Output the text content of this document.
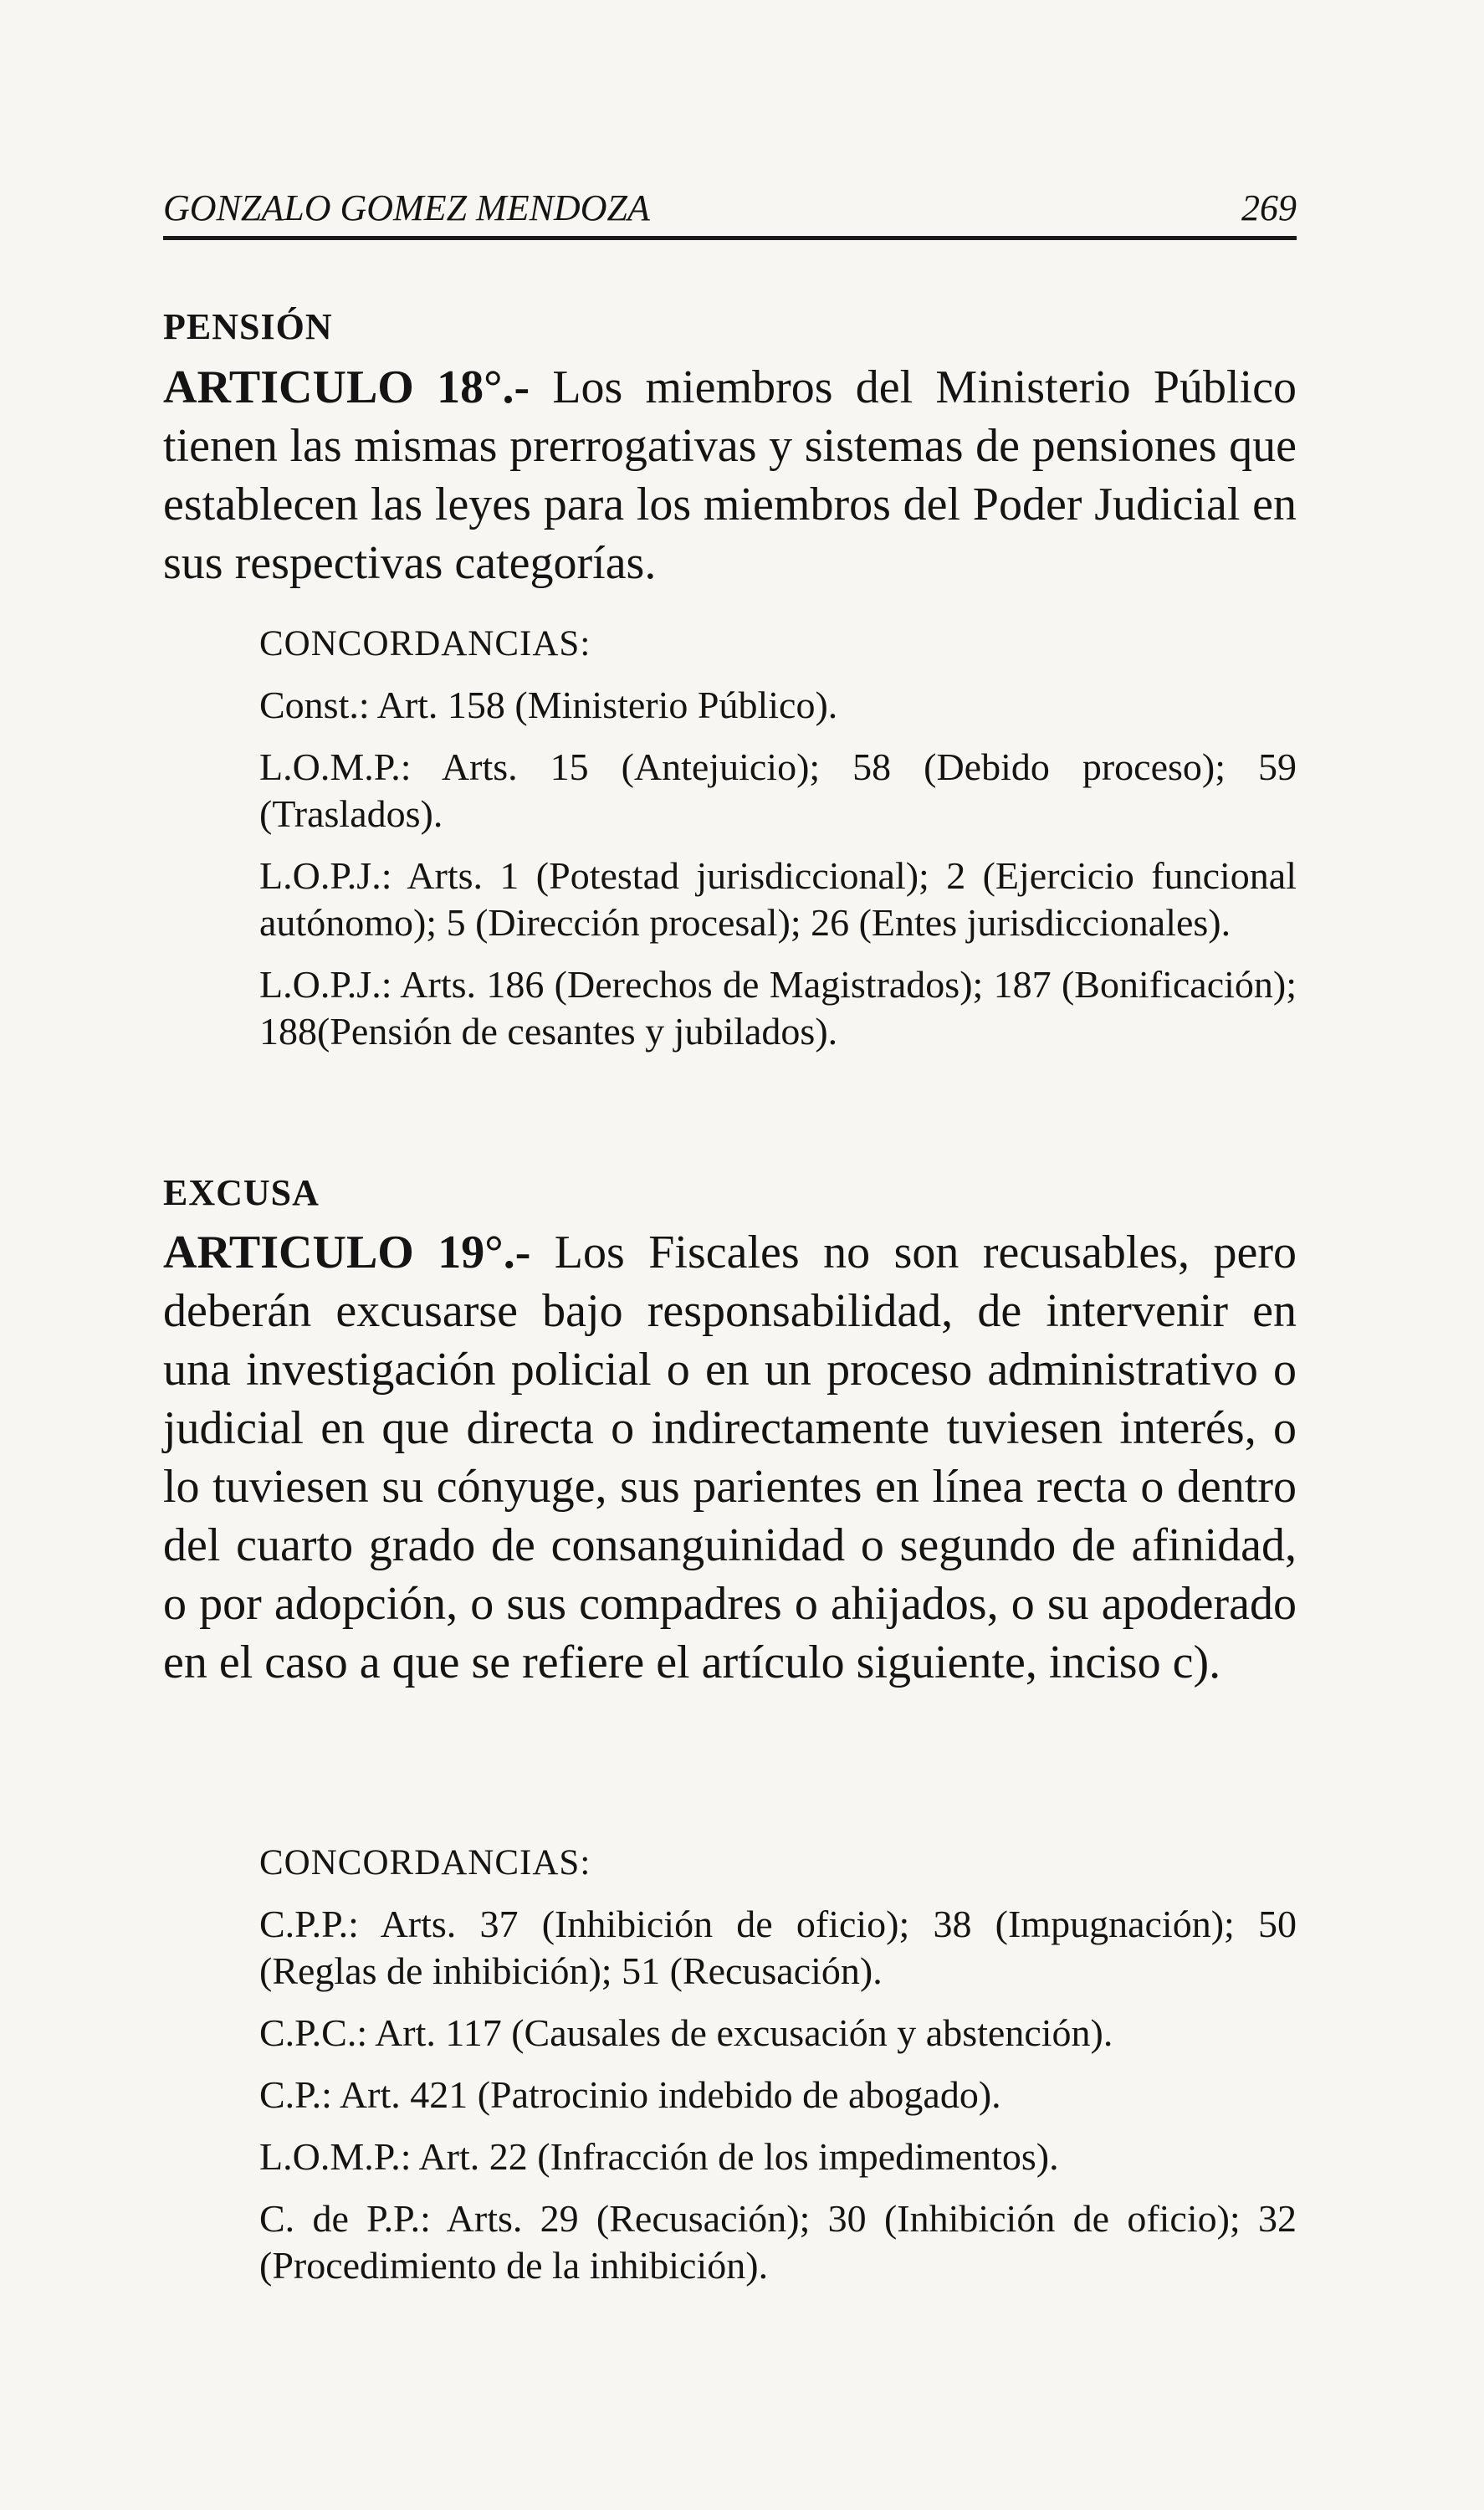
GONZALO GOMEZ MENDOZA	269
PENSIÓN
ARTICULO 18°.- Los miembros del Ministerio Público tienen las mismas prerrogativas y sistemas de pensiones que establecen las leyes para los miembros del Poder Judicial en sus respectivas categorías.
CONCORDANCIAS:
Const.: Art. 158 (Ministerio Público).
L.O.M.P.: Arts. 15 (Antejuicio); 58 (Debido proceso); 59 (Traslados).
L.O.P.J.: Arts. 1 (Potestad jurisdiccional); 2 (Ejercicio funcional autónomo); 5 (Dirección procesal); 26 (Entes jurisdiccionales).
L.O.P.J.: Arts. 186 (Derechos de Magistrados); 187 (Bonificación); 188(Pensión de cesantes y jubilados).
EXCUSA
ARTICULO 19°.- Los Fiscales no son recusables, pero deberán excusarse bajo responsabilidad, de intervenir en una investigación policial o en un proceso administrativo o judicial en que directa o indirectamente tuviesen interés, o lo tuviesen su cónyuge, sus parientes en línea recta o dentro del cuarto grado de consanguinidad o segundo de afinidad, o por adopción, o sus compadres o ahijados, o su apoderado en el caso a que se refiere el artículo siguiente, inciso c).
CONCORDANCIAS:
C.P.P.: Arts. 37 (Inhibición de oficio); 38 (Impugnación); 50 (Reglas de inhibición); 51 (Recusación).
C.P.C.: Art. 117 (Causales de excusación y abstención).
C.P.: Art. 421 (Patrocinio indebido de abogado).
L.O.M.P.: Art. 22 (Infracción de los impedimentos).
C. de P.P.: Arts. 29 (Recusación); 30 (Inhibición de oficio); 32 (Procedimiento de la inhibición).
